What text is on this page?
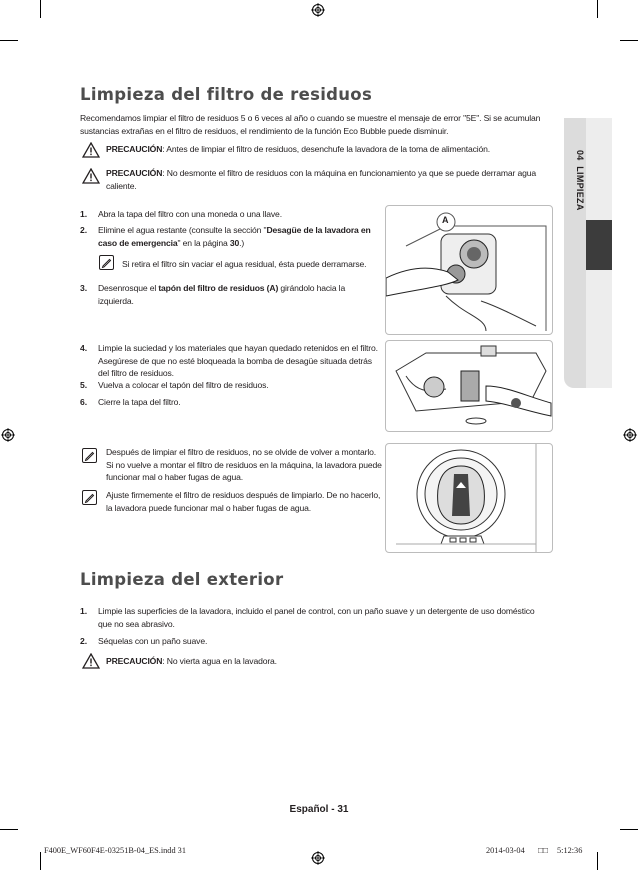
04  LIMPIEZA
Limpieza del filtro de residuos
Recomendamos limpiar el filtro de residuos 5 o 6 veces al año o cuando se muestre el mensaje de error "5E". Si se acumulan
sustancias extrañas en el filtro de residuos, el rendimiento de la función Eco Bubble puede disminuir.
PRECAUCIÓN: Antes de limpiar el filtro de residuos, desenchufe la lavadora de la toma de alimentación.
PRECAUCIÓN: No desmonte el filtro de residuos con la máquina en funcionamiento ya que se puede derramar agua
caliente.
1. Abra la tapa del filtro con una moneda o una llave.
2. Elimine el agua restante (consulte la sección "Desagüe de la lavadora en
caso de emergencia" en la página 30.)
Si retira el filtro sin vaciar el agua residual, ésta puede derramarse.
3. Desenrosque el tapón del filtro de residuos (A) girándolo hacia la
izquierda.
A
4. Limpie la suciedad y los materiales que hayan quedado retenidos en el filtro.
Asegúrese de que no esté bloqueada la bomba de desagüe situada detrás
del filtro de residuos.
5. Vuelva a colocar el tapón del filtro de residuos.
6. Cierre la tapa del filtro.
Después de limpiar el filtro de residuos, no se olvide de volver a montarlo.
Si no vuelve a montar el filtro de residuos en la máquina, la lavadora puede
funcionar mal o haber fugas de agua.
Ajuste firmemente el filtro de residuos después de limpiarlo. De no hacerlo,
la lavadora puede funcionar mal o haber fugas de agua.
Limpieza del exterior
1. Limpie las superficies de la lavadora, incluido el panel de control, con un paño suave y un detergente de uso doméstico
que no sea abrasivo.
2. Séquelas con un paño suave.
PRECAUCIÓN: No vierta agua en la lavadora.
Español - 31
F400E_WF60F4E-03251B-04_ES.indd 31	2014-03-04 □□ 5:12:36
